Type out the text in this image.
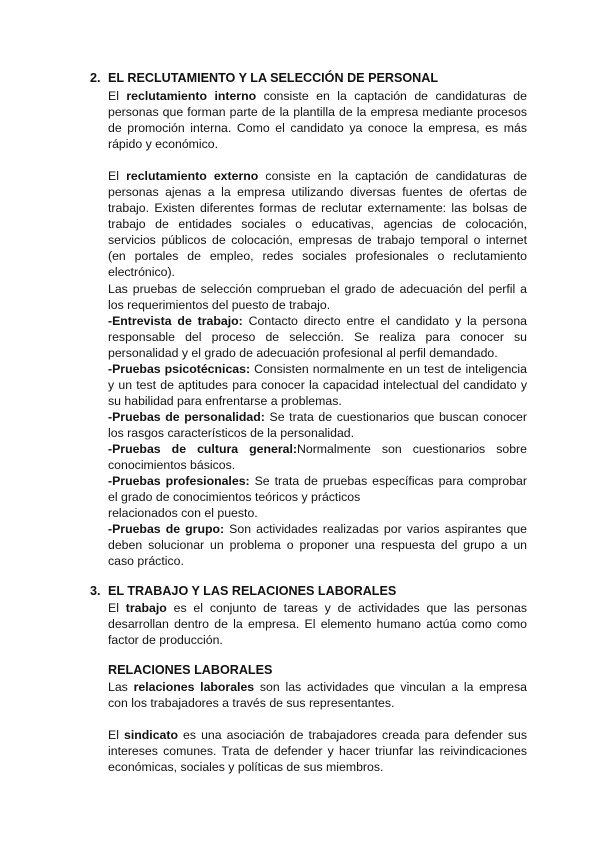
2. EL RECLUTAMIENTO Y LA SELECCIÓN DE PERSONAL

El reclutamiento interno consiste en la captación de candidaturas de personas que forman parte de la plantilla de la empresa mediante procesos de promoción interna. Como el candidato ya conoce la empresa, es más rápido y económico.

El reclutamiento externo consiste en la captación de candidaturas de personas ajenas a la empresa utilizando diversas fuentes de ofertas de trabajo. Existen diferentes formas de reclutar externamente: las bolsas de trabajo de entidades sociales o educativas, agencias de colocación, servicios públicos de colocación, empresas de trabajo temporal o internet (en portales de empleo, redes sociales profesionales o reclutamiento electrónico).

Las pruebas de selección comprueban el grado de adecuación del perfil a los requerimientos del puesto de trabajo.

-Entrevista de trabajo: Contacto directo entre el candidato y la persona responsable del proceso de selección. Se realiza para conocer su personalidad y el grado de adecuación profesional al perfil demandado.

-Pruebas psicotécnicas: Consisten normalmente en un test de inteligencia y un test de aptitudes para conocer la capacidad intelectual del candidato y su habilidad para enfrentarse a problemas.

-Pruebas de personalidad: Se trata de cuestionarios que buscan conocer los rasgos característicos de la personalidad.

-Pruebas de cultura general:Normalmente son cuestionarios sobre conocimientos básicos.

-Pruebas profesionales: Se trata de pruebas específicas para comprobar el grado de conocimientos teóricos y prácticos

relacionados con el puesto.

-Pruebas de grupo: Son actividades realizadas por varios aspirantes que deben solucionar un problema o proponer una respuesta del grupo a un caso práctico.

3. EL TRABAJO Y LAS RELACIONES LABORALES

El trabajo es el conjunto de tareas y de actividades que las personas desarrollan dentro de la empresa. El elemento humano actúa como como factor de producción.

RELACIONES LABORALES

Las relaciones laborales son las actividades que vinculan a la empresa con los trabajadores a través de sus representantes.

El sindicato es una asociación de trabajadores creada para defender sus intereses comunes. Trata de defender y hacer triunfar las reivindicaciones económicas, sociales y políticas de sus miembros.
